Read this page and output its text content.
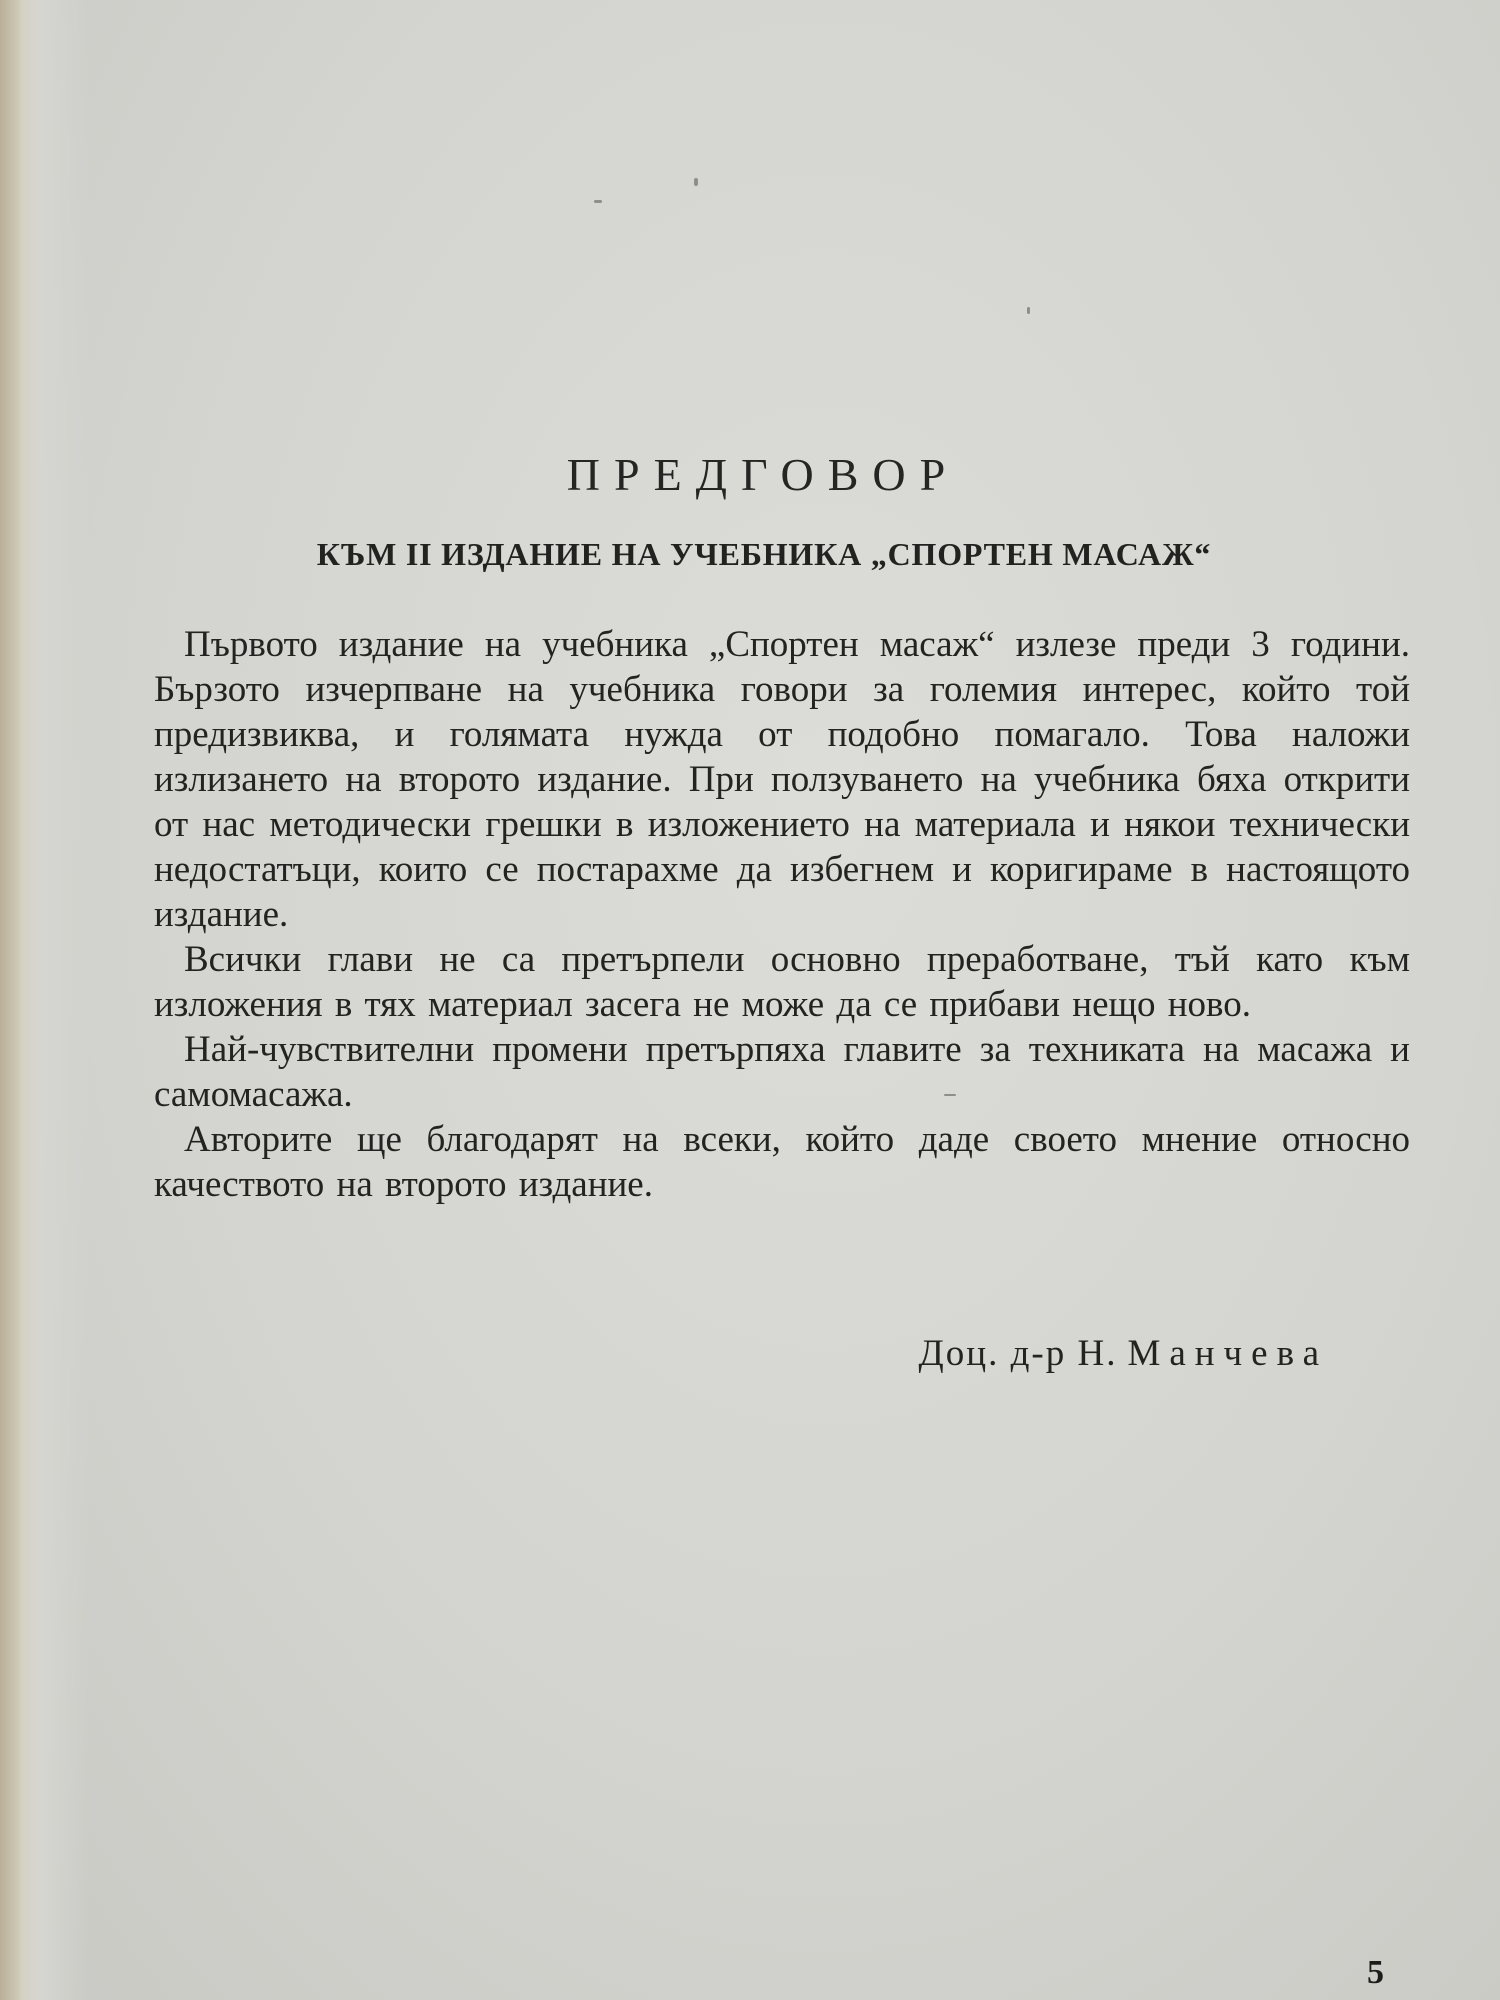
ПРЕДГОВОР
КЪМ II ИЗДАНИЕ НА УЧЕБНИКА „СПОРТЕН МАСАЖ“

Първото издание на учебника „Спортен масаж“ излезе преди 3 години. Бързото изчерпване на учебника говори за големия интерес, който той предизвиква, и голямата нужда от подобно помагало. Това наложи излизането на второто издание. При ползуването на учебника бяха открити от нас методически грешки в изложението на материала и някои технически недостатъци, които се постарахме да избегнем и коригираме в настоящото издание.

Всички глави не са претърпели основно преработване, тъй като към изложения в тях материал засега не може да се прибави нещо ново.

Най-чувствителни промени претърпяха главите за техниката на масажа и самомасажа.

Авторите ще благодарят на всеки, който даде своето мнение относно качеството на второто издание.

Доц. д-р Н. Манчева

5
